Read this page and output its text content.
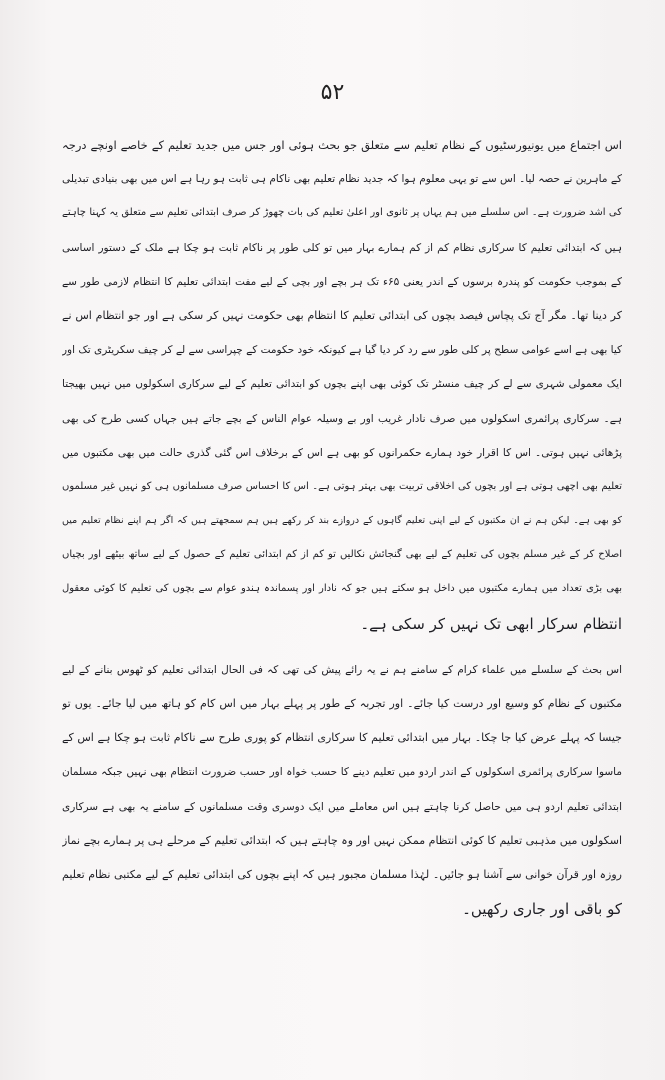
۵۲
اس اجتماع میں یونیورسٹیوں کے نظام تعلیم سے متعلق جو بحث ہوئی اور جس میں جدید تعلیم کے خاصے اونچے درجہ
کے ماہرین نے حصہ لیا۔ اس سے تو یہی معلوم ہوا کہ جدید نظام تعلیم بھی ناکام ہی ثابت ہو رہا ہے اس میں بھی بنیادی تبدیلی
کی اشد ضرورت ہے۔ اس سلسلے میں ہم یہاں پر ثانوی اور اعلیٰ تعلیم کی بات چھوڑ کر صرف ابتدائی تعلیم سے متعلق یہ کہنا چاہتے
ہیں کہ ابتدائی تعلیم کا سرکاری نظام کم از کم ہمارے بہار میں تو کلی طور پر ناکام ثابت ہو چکا ہے ملک کے دستور اساسی
کے بموجب حکومت کو پندرہ برسوں کے اندر یعنی ۶۵ء تک ہر بچے اور بچی کے لیے مفت ابتدائی تعلیم کا انتظام لازمی طور سے
کر دینا تھا۔ مگر آج تک پچاس فیصد بچوں کی ابتدائی تعلیم کا انتظام بھی حکومت نہیں کر سکی ہے اور جو انتظام اس نے
کیا بھی ہے اسے عوامی سطح پر کلی طور سے رد کر دیا گیا ہے کیونکہ خود حکومت کے چپراسی سے لے کر چیف سکریٹری تک اور
ایک معمولی شہری سے لے کر چیف منسٹر تک کوئی بھی اپنے بچوں کو ابتدائی تعلیم کے لیے سرکاری اسکولوں میں نہیں بھیجتا
ہے۔ سرکاری پرائمری اسکولوں میں صرف نادار غریب اور بے وسیلہ عوام الناس کے بچے جاتے ہیں جہاں کسی طرح کی بھی
پڑھائی نہیں ہوتی۔ اس کا اقرار خود ہمارے حکمرانوں کو بھی ہے اس کے برخلاف اس گئی گذری حالت میں بھی مکتبوں میں
تعلیم بھی اچھی ہوتی ہے اور بچوں کی اخلاقی تربیت بھی بہتر ہوتی ہے۔ اس کا احساس صرف مسلمانوں ہی کو نہیں غیر مسلموں
کو بھی ہے۔ لیکن ہم نے ان مکتبوں کے لیے اپنی تعلیم گاہوں کے دروازے بند کر رکھے ہیں ہم سمجھتے ہیں کہ اگر ہم اپنے نظام تعلیم میں
اصلاح کر کے غیر مسلم بچوں کی تعلیم کے لیے بھی گنجائش نکالیں تو کم از کم ابتدائی تعلیم کے حصول کے لیے ساتھ بیٹھے اور بچیاں
بھی بڑی تعداد میں ہمارے مکتبوں میں داخل ہو سکتے ہیں جو کہ نادار اور پسماندہ ہندو عوام سے بچوں کی تعلیم کا کوئی معقول
انتظام سرکار ابھی تک نہیں کر سکی ہے۔
اس بحث کے سلسلے میں علماء کرام کے سامنے ہم نے یہ رائے پیش کی تھی کہ فی الحال ابتدائی تعلیم کو ٹھوس بنانے کے لیے
مکتبوں کے نظام کو وسیع اور درست کیا جائے۔ اور تجربہ کے طور پر پہلے بہار میں اس کام کو ہاتھ میں لیا جائے۔ یوں تو
جیسا کہ پہلے عرض کیا جا چکا۔ بہار میں ابتدائی تعلیم کا سرکاری انتظام کو پوری طرح سے ناکام ثابت ہو چکا ہے اس کے
ماسوا سرکاری پرائمری اسکولوں کے اندر اردو میں تعلیم دینے کا حسب خواہ اور حسب ضرورت انتظام بھی نہیں جبکہ مسلمان
ابتدائی تعلیم اردو ہی میں حاصل کرنا چاہتے ہیں اس معاملے میں ایک دوسری وقت مسلمانوں کے سامنے یہ بھی ہے سرکاری
اسکولوں میں مذہبی تعلیم کا کوئی انتظام ممکن نہیں اور وہ چاہتے ہیں کہ ابتدائی تعلیم کے مرحلے ہی پر ہمارے بچے نماز
روزہ اور قرآن خوانی سے آشنا ہو جائیں۔ لہٰذا مسلمان مجبور ہیں کہ اپنے بچوں کی ابتدائی تعلیم کے لیے مکتبی نظام تعلیم
کو باقی اور جاری رکھیں۔
